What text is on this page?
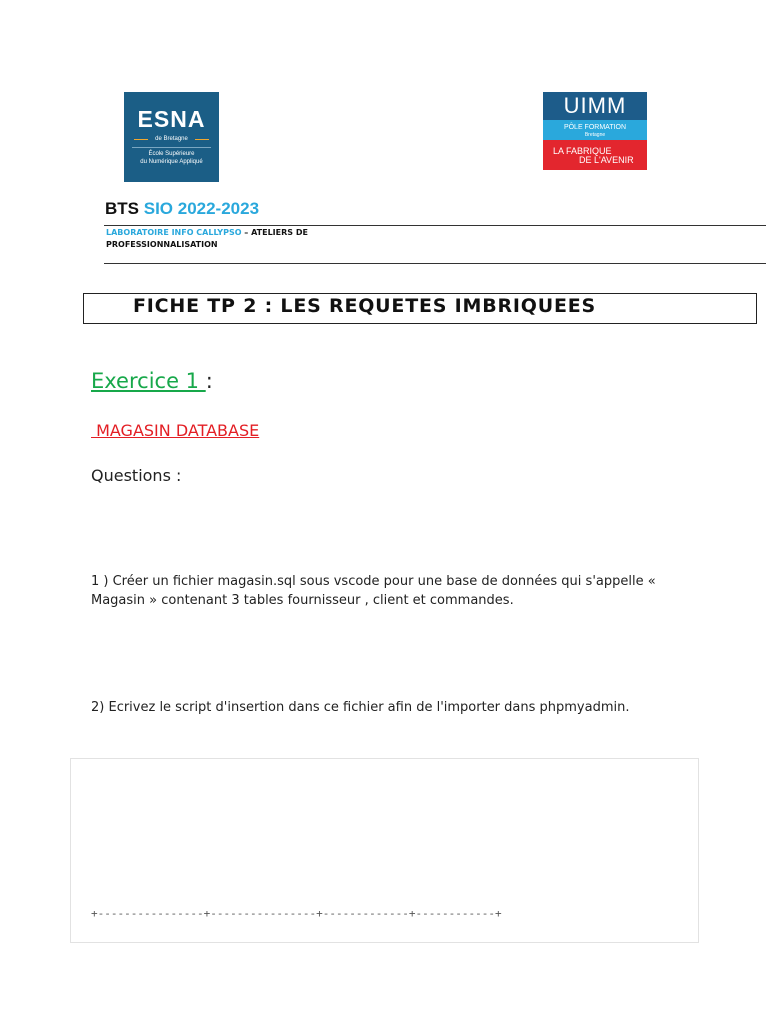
ESNA
de Bretagne
École Supérieure
du Numérique Appliqué
UIMM
PÔLE FORMATION
Bretagne
LA FABRIQUE
DE L'AVENIR
BTS SIO 2022-2023
LABORATOIRE INFO CALLYPSO – ATELIERS DE PROFESSIONNALISATION
FICHE TP 2 : LES REQUETES IMBRIQUEES
Exercice 1 :
MAGASIN DATABASE
Questions :
1 ) Créer un fichier magasin.sql sous vscode pour une base de données qui s'appelle « Magasin » contenant 3 tables fournisseur , client et commandes.
2) Ecrivez le script d'insertion dans ce fichier afin de l'importer dans phpmyadmin.
+----------------+----------------+-------------+------------+
